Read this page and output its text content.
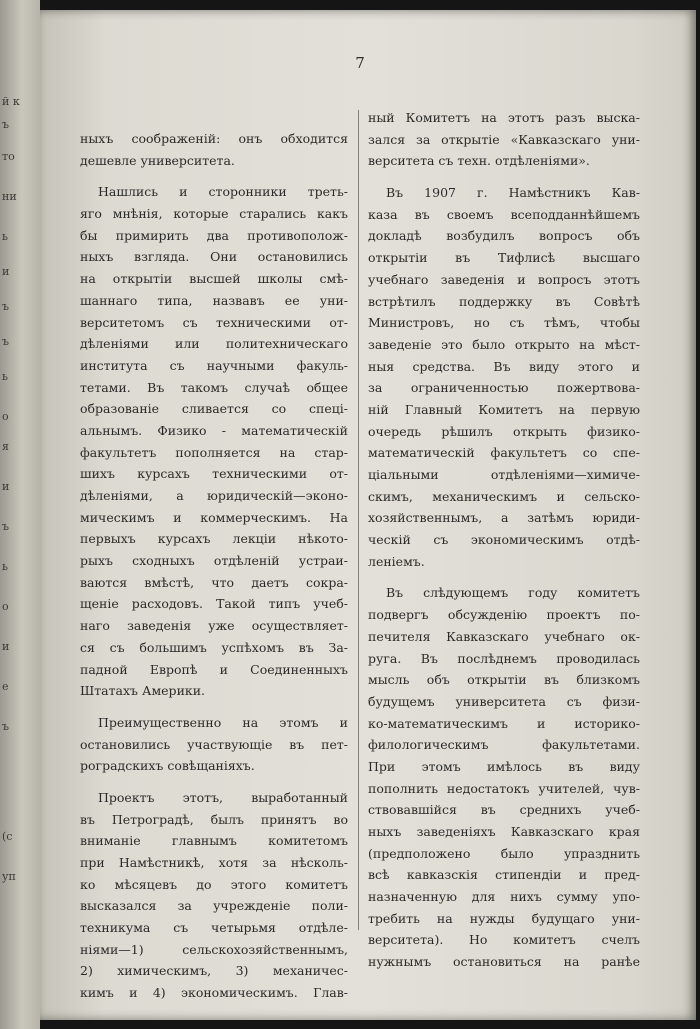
й к
ъ
то
ни
ь
и
ъ
ъ
ь
о
я
и
ъ
ь
о
и
е
ъ
(с
уп
7
ныхъ соображеній: онъ обходится
дешевле университета.
Нашлись и сторонники треть-
яго мнѣнія, которые старались какъ
бы примирить два противополож-
ныхъ взгляда. Они остановились
на открытіи высшей школы смѣ-
шаннаго типа, назвавъ ее уни-
верситетомъ съ техническими от-
дѣленіями или политехническаго
института съ научными факуль-
тетами. Въ такомъ случаѣ общее
образованіе сливается со спеці-
альнымъ. Физико - математическій
факультетъ пополняется на стар-
шихъ курсахъ техническими от-
дѣленіями, а юридическій—эконо-
мическимъ и коммерческимъ. На
первыхъ курсахъ лекціи нѣкото-
рыхъ сходныхъ отдѣленій устраи-
ваются вмѣстѣ, что даетъ сокра-
щеніе расходовъ. Такой типъ учеб-
наго заведенія уже осуществляет-
ся съ большимъ успѣхомъ въ За-
падной Европѣ и Соединенныхъ
Штатахъ Америки.
Преимущественно на этомъ и
остановились участвующіе въ пет-
роградскихъ совѣщаніяхъ.
Проектъ этотъ, выработанный
въ Петроградѣ, былъ принятъ во
вниманіе главнымъ комитетомъ
при Намѣстникѣ, хотя за нѣсколь-
ко мѣсяцевъ до этого комитетъ
высказался за учрежденіе поли-
техникума съ четырьмя отдѣле-
ніями—1) сельскохозяйственнымъ,
2) химическимъ, 3) механичес-
кимъ и 4) экономическимъ. Глав-
ный Комитетъ на этотъ разъ выска-
зался за открытіе «Кавказскаго уни-
верситета съ техн. отдѣленіями».
Въ 1907 г. Намѣстникъ Кав-
каза въ своемъ всеподданнѣйшемъ
докладѣ возбудилъ вопросъ объ
открытіи въ Тифлисѣ высшаго
учебнаго заведенія и вопросъ этотъ
встрѣтилъ поддержку въ Совѣтѣ
Министровъ, но съ тѣмъ, чтобы
заведеніе это было открыто на мѣст-
ныя средства. Въ виду этого и
за ограниченностью пожертвова-
ній Главный Комитетъ на первую
очередь рѣшилъ открыть физико-
математическій факультетъ со спе-
ціальными отдѣленіями—химиче-
скимъ, механическимъ и сельско-
хозяйственнымъ, а затѣмъ юриди-
ческій съ экономическимъ отдѣ-
леніемъ.
Въ слѣдующемъ году комитетъ
подвергъ обсужденію проектъ по-
печителя Кавказскаго учебнаго ок-
руга. Въ послѣднемъ проводилась
мысль объ открытіи въ близкомъ
будущемъ университета съ физи-
ко-математическимъ и историко-
филологическимъ факультетами.
При этомъ имѣлось въ виду
пополнить недостатокъ учителей, чув-
ствовавшійся въ среднихъ учеб-
ныхъ заведеніяхъ Кавказскаго края
(предположено было упразднить
всѣ кавказскія стипендіи и пред-
назначенную для нихъ сумму упо-
требить на нужды будущаго уни-
верситета). Но комитетъ счелъ
нужнымъ остановиться на ранѣе
